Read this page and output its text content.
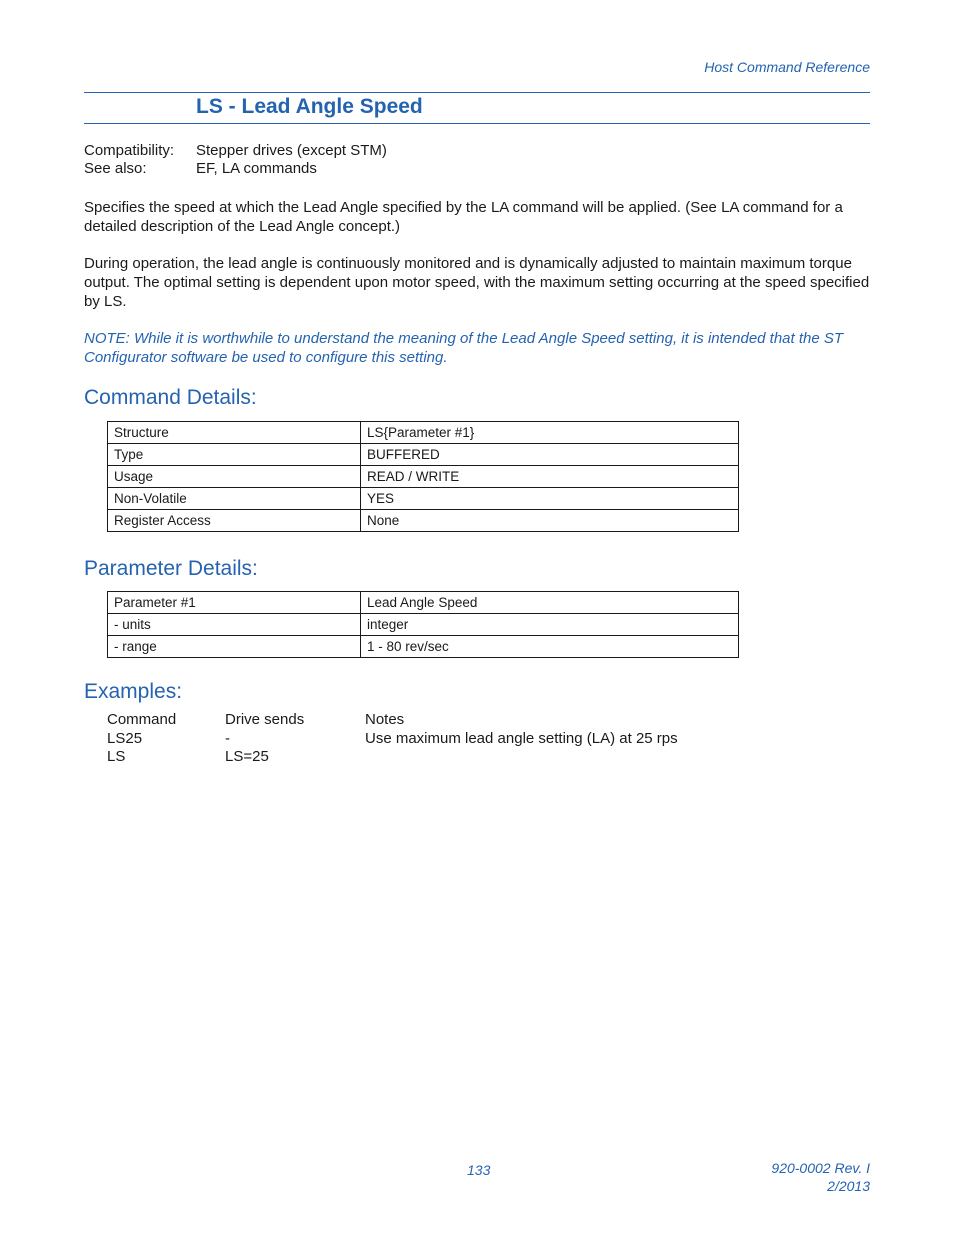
Host Command Reference
LS - Lead Angle Speed
Compatibility:	Stepper drives (except STM)
See also:	EF, LA commands
Specifies the speed at which the Lead Angle specified by the LA command will be applied. (See LA command for a detailed description of the Lead Angle concept.)
During operation, the lead angle is continuously monitored and is dynamically adjusted to maintain maximum torque output. The optimal setting is dependent upon motor speed, with the maximum setting occurring at the speed specified by LS.
NOTE: While it is worthwhile to understand the meaning of the Lead Angle Speed setting, it is intended that the ST Configurator software be used to configure this setting.
Command Details:
Structure	LS{Parameter #1}
Type	BUFFERED
Usage	READ / WRITE
Non-Volatile	YES
Register Access	None
Parameter Details:
Parameter #1	Lead Angle Speed
- units	integer
- range	1 - 80 rev/sec
Examples:
Command	Drive sends	Notes
LS25	-	Use maximum lead angle setting (LA) at 25 rps
LS	LS=25
133	920-0002 Rev. I
2/2013
